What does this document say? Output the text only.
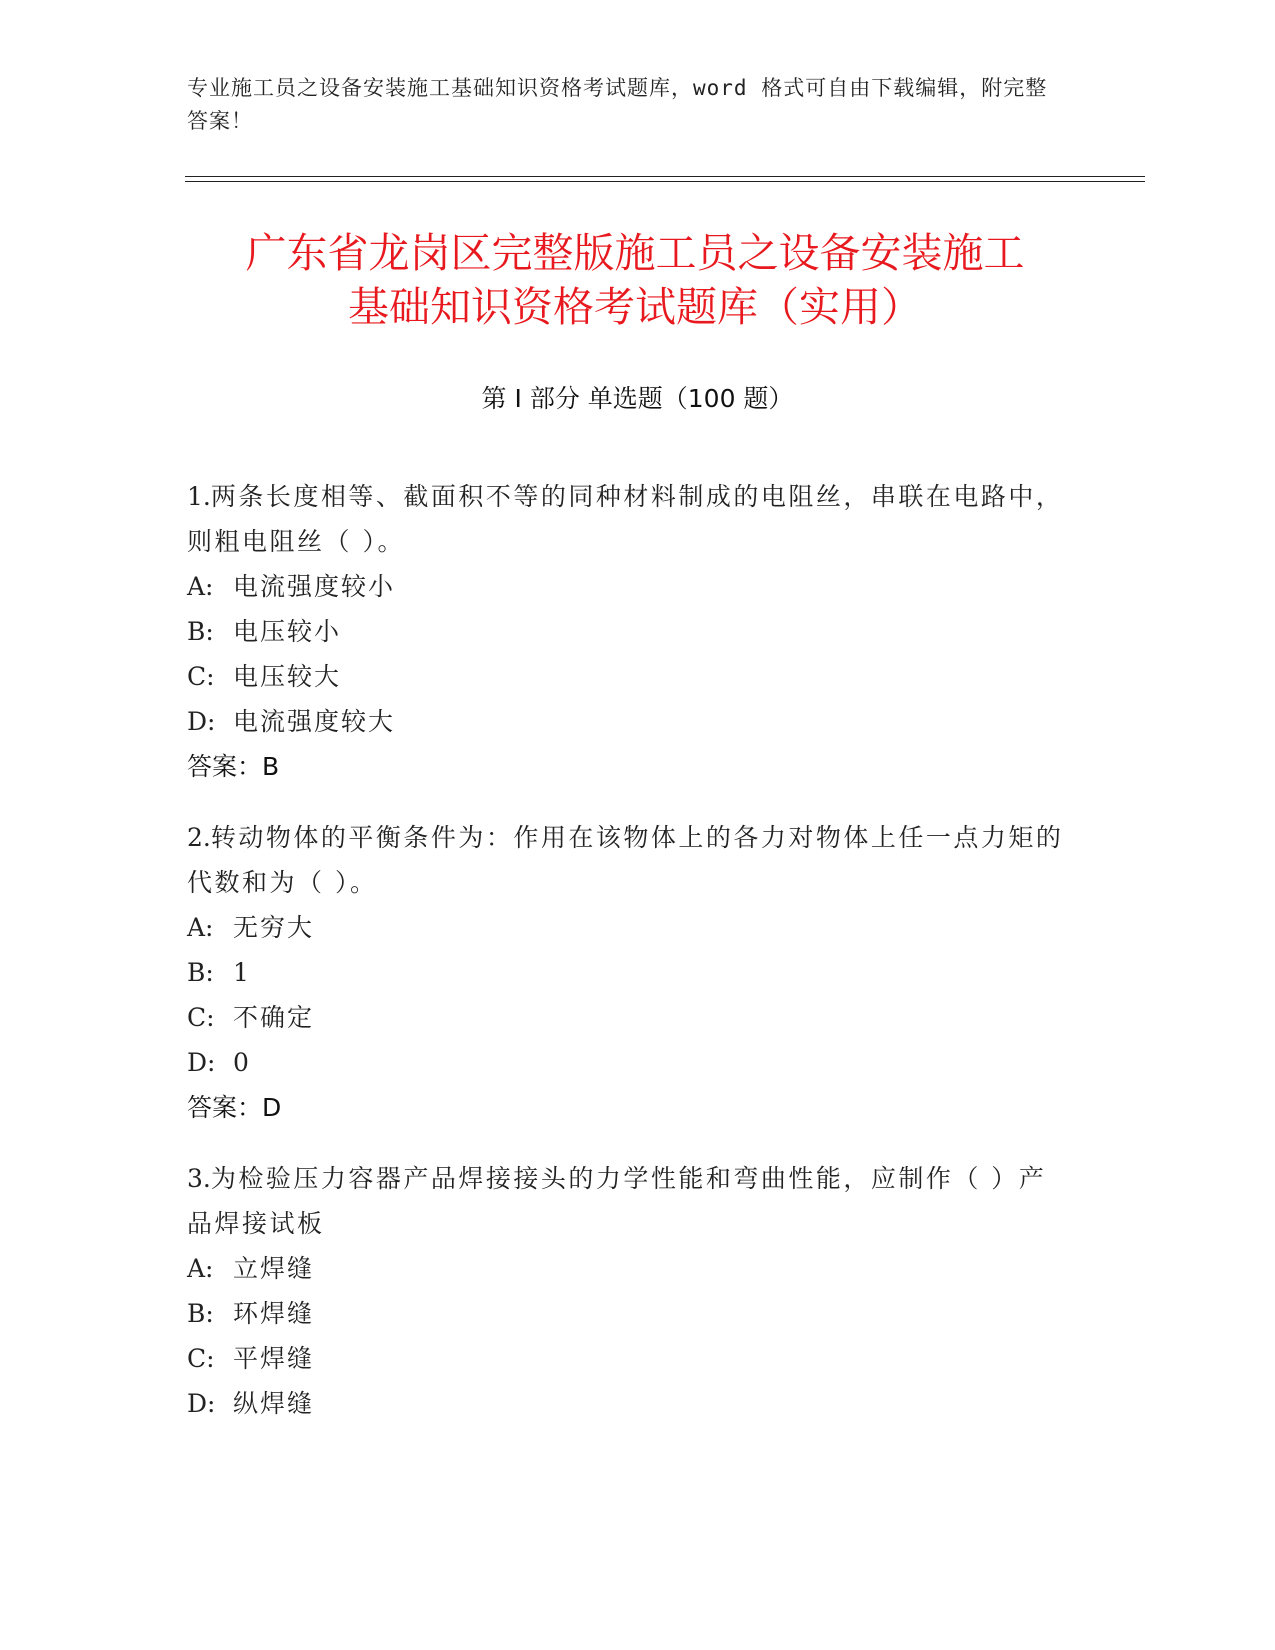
专业施工员之设备安装施工基础知识资格考试题库，word 格式可自由下载编辑，附完整答案！
广东省龙岗区完整版施工员之设备安装施工
基础知识资格考试题库（实用）
第 I 部分 单选题（100 题）
1.两条长度相等、截面积不等的同种材料制成的电阻丝，串联在电路中，则粗电阻丝（ ）。
A: 电流强度较小
B: 电压较小
C: 电压较大
D: 电流强度较大
答案：B
2.转动物体的平衡条件为：作用在该物体上的各力对物体上任一点力矩的代数和为（ ）。
A: 无穷大
B: 1
C: 不确定
D: 0
答案：D
3.为检验压力容器产品焊接接头的力学性能和弯曲性能，应制作（ ）产品焊接试板
A: 立焊缝
B: 环焊缝
C: 平焊缝
D: 纵焊缝
